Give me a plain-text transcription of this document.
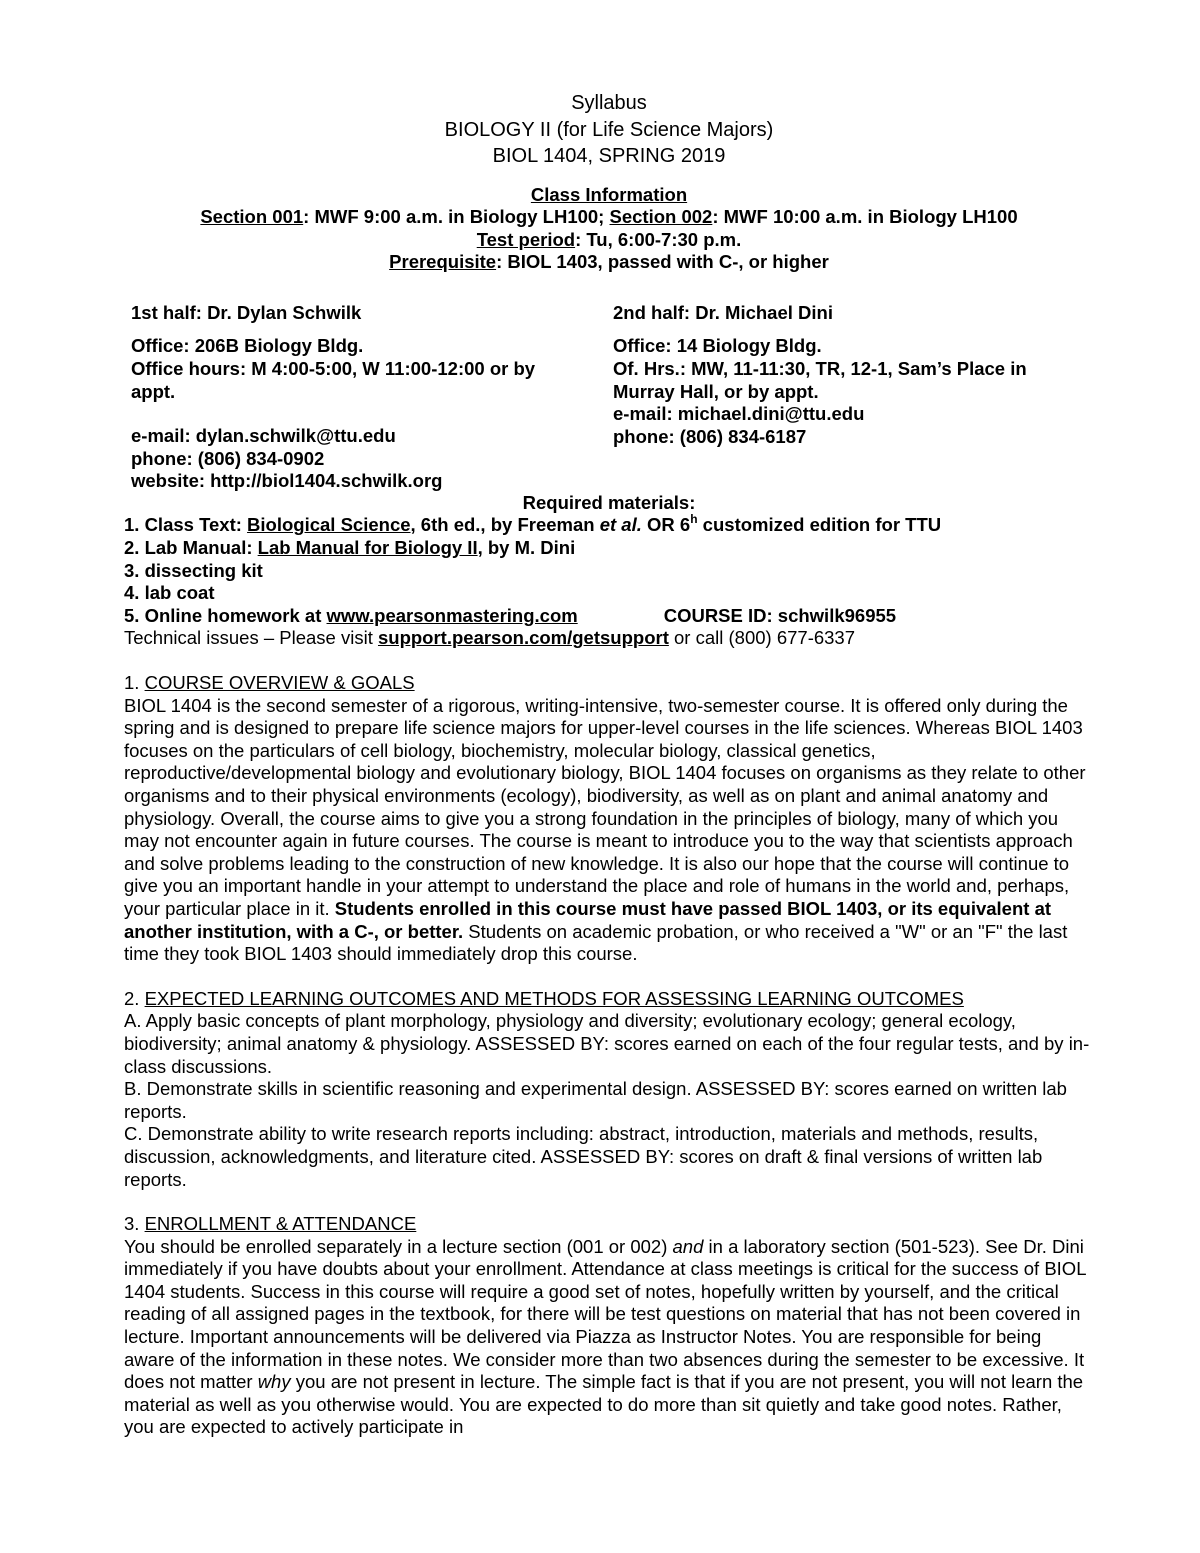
Syllabus
BIOLOGY II (for Life Science Majors)
BIOL 1404, SPRING 2019
Class Information
Section 001: MWF 9:00 a.m. in Biology LH100; Section 002: MWF 10:00 a.m. in Biology LH100
Test period: Tu, 6:00-7:30 p.m.
Prerequisite: BIOL 1403, passed with C-, or higher
1st half: Dr. Dylan Schwilk
Office: 206B Biology Bldg.
Office hours: M 4:00-5:00, W 11:00-12:00 or by appt.
e-mail: dylan.schwilk@ttu.edu
phone: (806) 834-0902
website: http://biol1404.schwilk.org
2nd half: Dr. Michael Dini
Office: 14 Biology Bldg.
Of. Hrs.: MW, 11-11:30, TR, 12-1, Sam’s Place in Murray Hall, or by appt.
e-mail: michael.dini@ttu.edu
phone: (806) 834-6187
Required materials:
1. Class Text: Biological Science, 6th ed., by Freeman et al. OR 6$^h$ customized edition for TTU
2. Lab Manual: Lab Manual for Biology II, by M. Dini
3. dissecting kit
4. lab coat
5. Online homework at www.pearsonmastering.com	COURSE ID: schwilk96955
Technical issues – Please visit support.pearson.com/getsupport or call (800) 677-6337
1. COURSE OVERVIEW & GOALS

BIOL 1404 is the second semester of a rigorous, writing-intensive, two-semester course. It is offered only during the spring and is designed to prepare life science majors for upper-level courses in the life sciences. Whereas BIOL 1403 focuses on the particulars of cell biology, biochemistry, molecular biology, classical genetics, reproductive/developmental biology and evolutionary biology, BIOL 1404 focuses on organisms as they relate to other organisms and to their physical environments (ecology), biodiversity, as well as on plant and animal anatomy and physiology. Overall, the course aims to give you a strong foundation in the principles of biology, many of which you may not encounter again in future courses. The course is meant to introduce you to the way that scientists approach and solve problems leading to the construction of new knowledge. It is also our hope that the course will continue to give you an important handle in your attempt to understand the place and role of humans in the world and, perhaps, your particular place in it. Students enrolled in this course must have passed BIOL 1403, or its equivalent at another institution, with a C-, or better. Students on academic probation, or who received a "W" or an "F" the last time they took BIOL 1403 should immediately drop this course.

2. EXPECTED LEARNING OUTCOMES AND METHODS FOR ASSESSING LEARNING OUTCOMES

A. Apply basic concepts of plant morphology, physiology and diversity; evolutionary ecology; general ecology, biodiversity; animal anatomy & physiology. ASSESSED BY: scores earned on each of the four regular tests, and by in-class discussions.

B. Demonstrate skills in scientific reasoning and experimental design. ASSESSED BY: scores earned on written lab reports.

C. Demonstrate ability to write research reports including: abstract, introduction, materials and methods, results, discussion, acknowledgments, and literature cited. ASSESSED BY: scores on draft & final versions of written lab reports.

3. ENROLLMENT & ATTENDANCE

You should be enrolled separately in a lecture section (001 or 002) and in a laboratory section (501-523). See Dr. Dini immediately if you have doubts about your enrollment. Attendance at class meetings is critical for the success of BIOL 1404 students. Success in this course will require a good set of notes, hopefully written by yourself, and the critical reading of all assigned pages in the textbook, for there will be test questions on material that has not been covered in lecture. Important announcements will be delivered via Piazza as Instructor Notes. You are responsible for being aware of the information in these notes. We consider more than two absences during the semester to be excessive. It does not matter why you are not present in lecture. The simple fact is that if you are not present, you will not learn the material as well as you otherwise would. You are expected to do more than sit quietly and take good notes. Rather, you are expected to actively participate in
